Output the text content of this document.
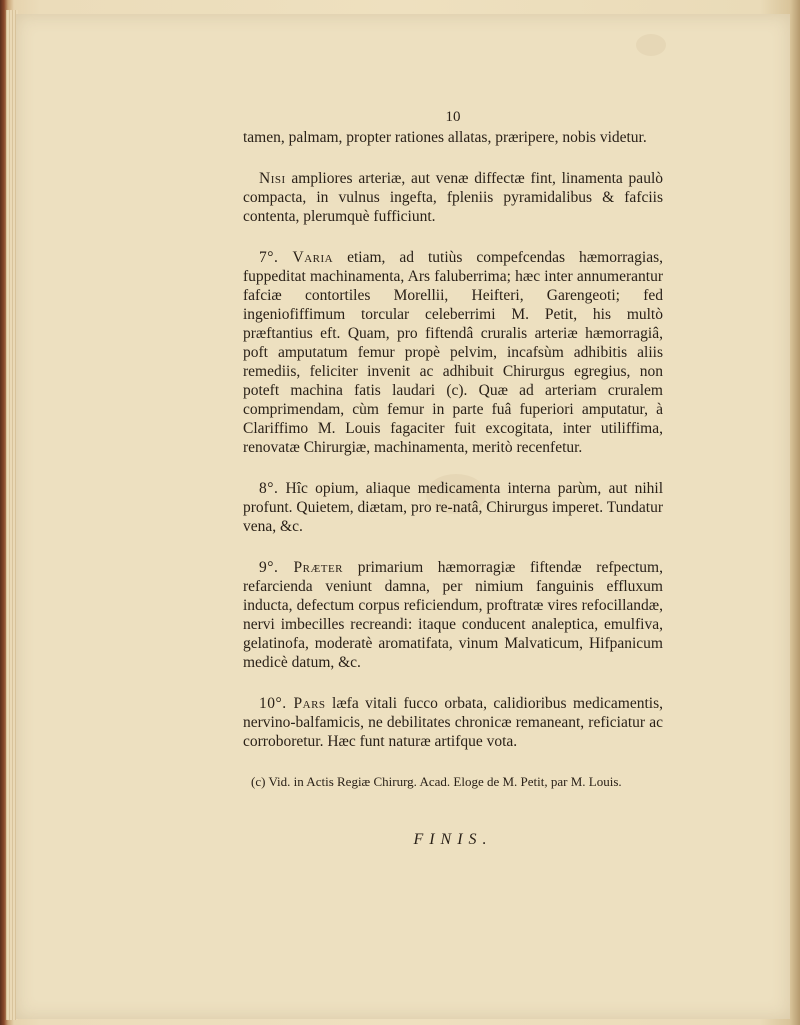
10

tamen, palmam, propter rationes allatas, præripere, nobis videtur.

Nisi ampliores arteriæ, aut venæ diffectæ fint, linamenta paulò compacta, in vulnus ingefta, fpleniis pyramidalibus & fafciis contenta, plerumquè fufficiunt.

7°. Varia etiam, ad tutiùs compefcendas hæmorragias, fuppeditat machinamenta, Ars faluberrima; hæc inter annumerantur fafciæ contortiles Morellii, Heifteri, Garengeoti; fed ingeniofiffimum torcular celeberrimi M. Petit, his multò præftantius eft. Quam, pro fiftendâ cruralis arteriæ hæmorragiâ, poft amputatum femur propè pelvim, incafsùm adhibitis aliis remediis, feliciter invenit ac adhibuit Chirurgus egregius, non poteft machina fatis laudari (c). Quæ ad arteriam cruralem comprimendam, cùm femur in parte fuâ fuperiori amputatur, à Clariffimo M. Louis fagaciter fuit excogitata, inter utiliffima, renovatæ Chirurgiæ, machinamenta, meritò recenfetur.

8°. Hîc opium, aliaque medicamenta interna parùm, aut nihil profunt. Quietem, diætam, pro re-natâ, Chirurgus imperet. Tundatur vena, &c.

9°. Præter primarium hæmorragiæ fiftendæ refpectum, refarcienda veniunt damna, per nimium fanguinis effluxum inducta, defectum corpus reficiendum, proftratæ vires refocillandæ, nervi imbecilles recreandi: itaque conducent analeptica, emulfiva, gelatinofa, moderatè aromatifata, vinum Malvaticum, Hifpanicum medicè datum, &c.

10°. Pars læfa vitali fucco orbata, calidioribus medicamentis, nervino-balfamicis, ne debilitates chronicæ remaneant, reficiatur ac corroboretur. Hæc funt naturæ artifque vota.

(c) Vid. in Actis Regiæ Chirurg. Acad. Eloge de M. Petit, par M. Louis.

FINIS.
